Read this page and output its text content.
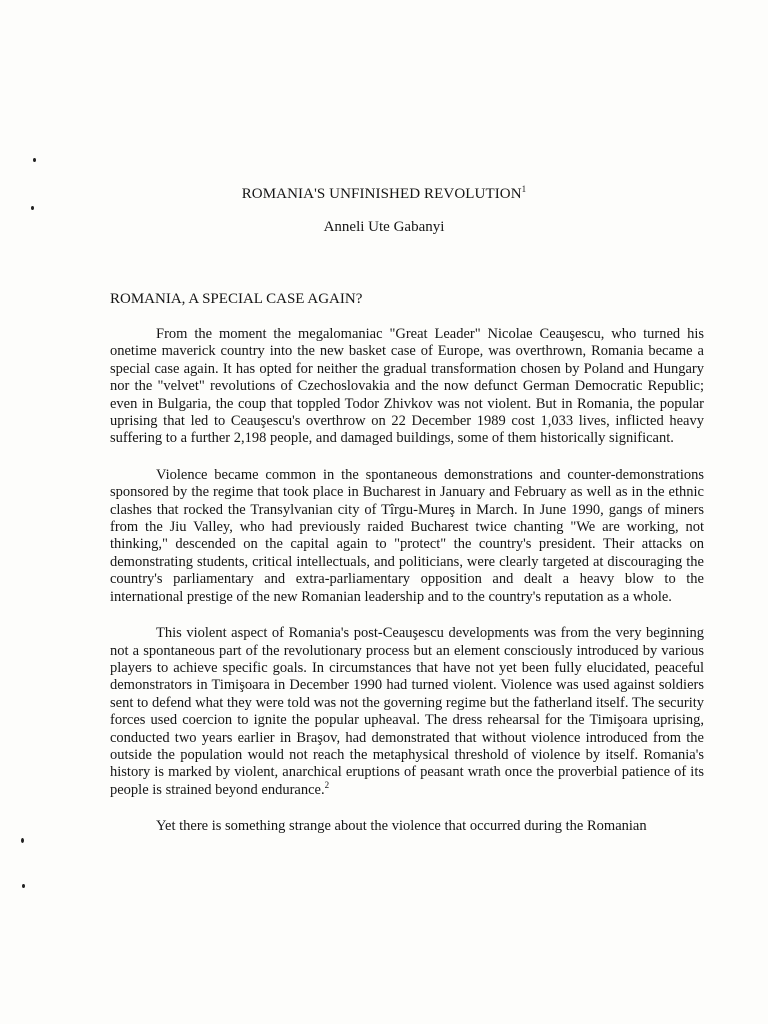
ROMANIA'S UNFINISHED REVOLUTION$^1$
Anneli Ute Gabanyi
ROMANIA, A SPECIAL CASE AGAIN?

From the moment the megalomaniac "Great Leader" Nicolae Ceauşescu, who turned his onetime maverick country into the new basket case of Europe, was overthrown, Romania became a special case again. It has opted for neither the gradual transformation chosen by Poland and Hungary nor the "velvet" revolutions of Czechoslovakia and the now defunct German Democratic Republic; even in Bulgaria, the coup that toppled Todor Zhivkov was not violent. But in Romania, the popular uprising that led to Ceauşescu's overthrow on 22 December 1989 cost 1,033 lives, inflicted heavy suffering to a further 2,198 people, and damaged buildings, some of them historically significant.

Violence became common in the spontaneous demonstrations and counter-demonstrations sponsored by the regime that took place in Bucharest in January and February as well as in the ethnic clashes that rocked the Transylvanian city of Tîrgu-Mureş in March. In June 1990, gangs of miners from the Jiu Valley, who had previously raided Bucharest twice chanting "We are working, not thinking," descended on the capital again to "protect" the country's president. Their attacks on demonstrating students, critical intellectuals, and politicians, were clearly targeted at discouraging the country's parliamentary and extra-parliamentary opposition and dealt a heavy blow to the international prestige of the new Romanian leadership and to the country's reputation as a whole.

This violent aspect of Romania's post-Ceauşescu developments was from the very beginning not a spontaneous part of the revolutionary process but an element consciously introduced by various players to achieve specific goals. In circumstances that have not yet been fully elucidated, peaceful demonstrators in Timişoara in December 1990 had turned violent. Violence was used against soldiers sent to defend what they were told was not the governing regime but the fatherland itself. The security forces used coercion to ignite the popular upheaval. The dress rehearsal for the Timişoara uprising, conducted two years earlier in Braşov, had demonstrated that without violence introduced from the outside the population would not reach the metaphysical threshold of violence by itself. Romania's history is marked by violent, anarchical eruptions of peasant wrath once the proverbial patience of its people is strained beyond endurance.$^2$

Yet there is something strange about the violence that occurred during the Romanian
